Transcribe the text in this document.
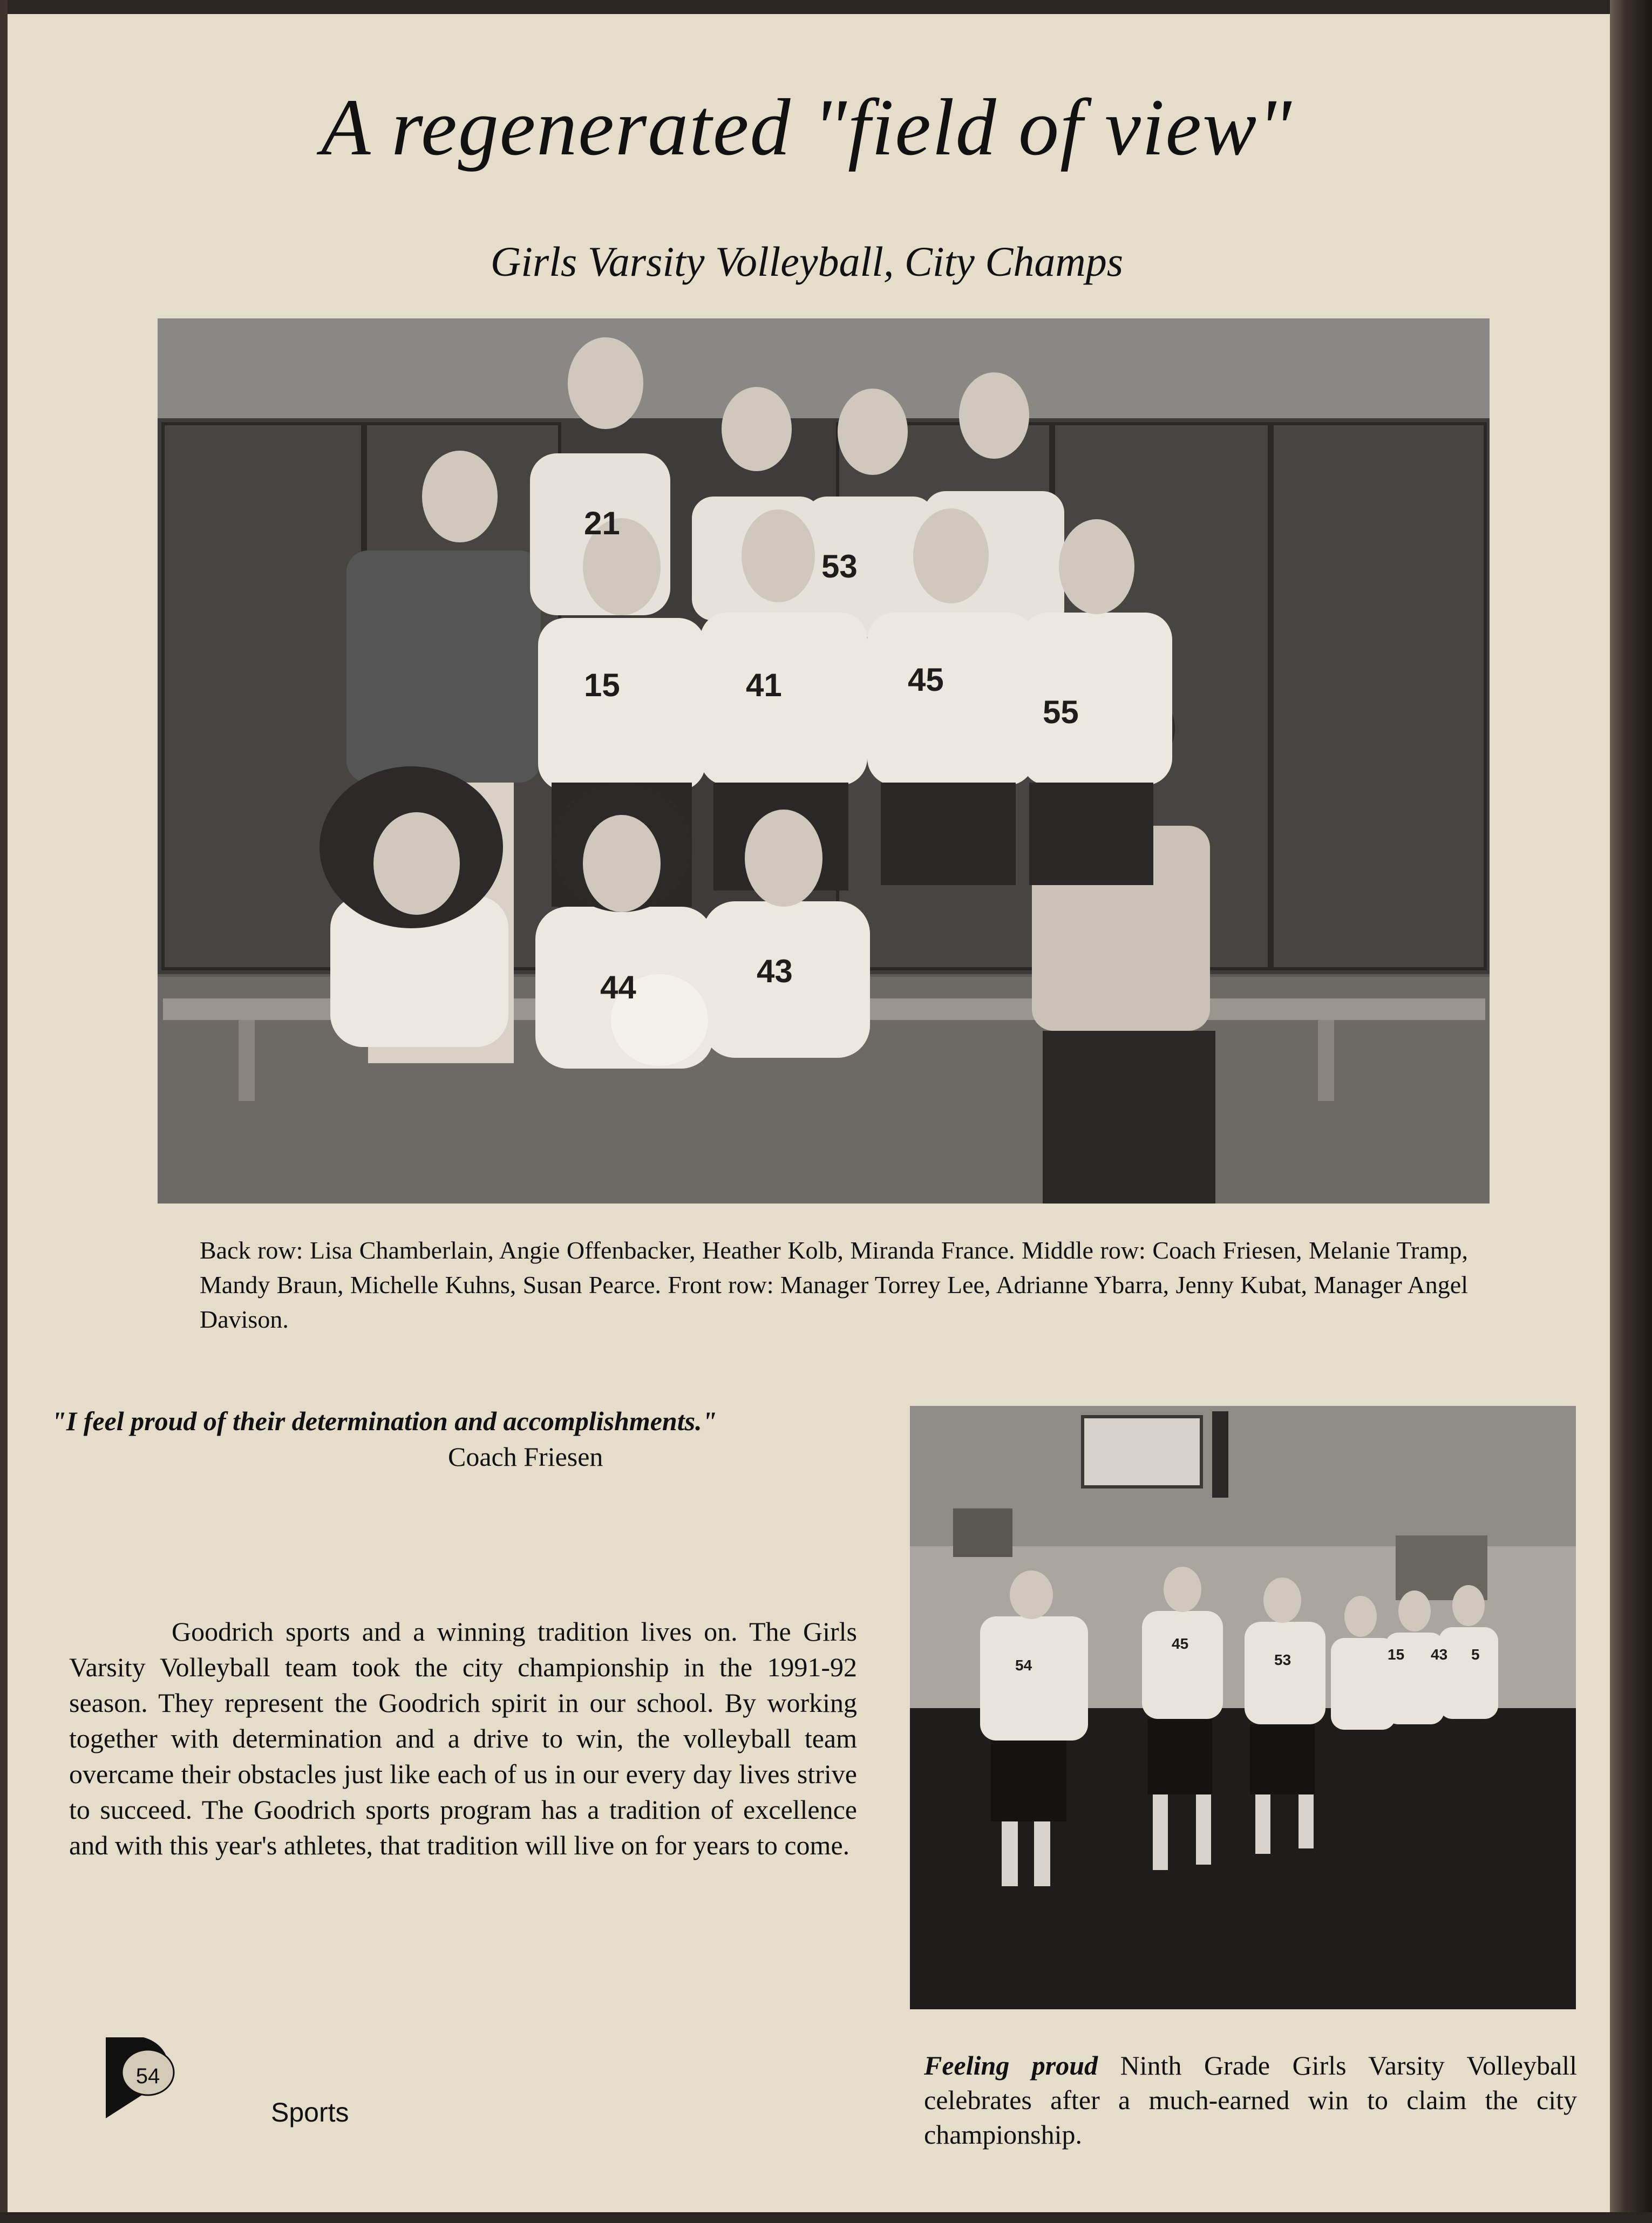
A regenerated "field of view"
Girls Varsity Volleyball, City Champs
21
53
15	41	45
55
44	43
Back row: Lisa Chamberlain, Angie Offenbacker, Heather Kolb, Miranda France. Middle row: Coach Friesen, Melanie Tramp, Mandy Braun, Michelle Kuhns, Susan Pearce. Front row: Manager Torrey Lee, Adrianne Ybarra, Jenny Kubat, Manager Angel Davison.
"I feel proud of their determination and accomplishments."
Coach Friesen
Goodrich sports and a winning tradition lives on. The Girls Varsity Volleyball team took the city championship in the 1991-92 season. They represent the Goodrich spirit in our school. By working together with determination and a drive to win, the volleyball team overcame their obstacles just like each of us in our every day lives strive to succeed. The Goodrich sports program has a tradition of excellence and with this year's athletes, that tradition will live on for years to come.
54
45
53	15 43 5
Feeling proud Ninth Grade Girls Varsity Volleyball celebrates after a much-earned win to claim the city championship.
54
Sports
